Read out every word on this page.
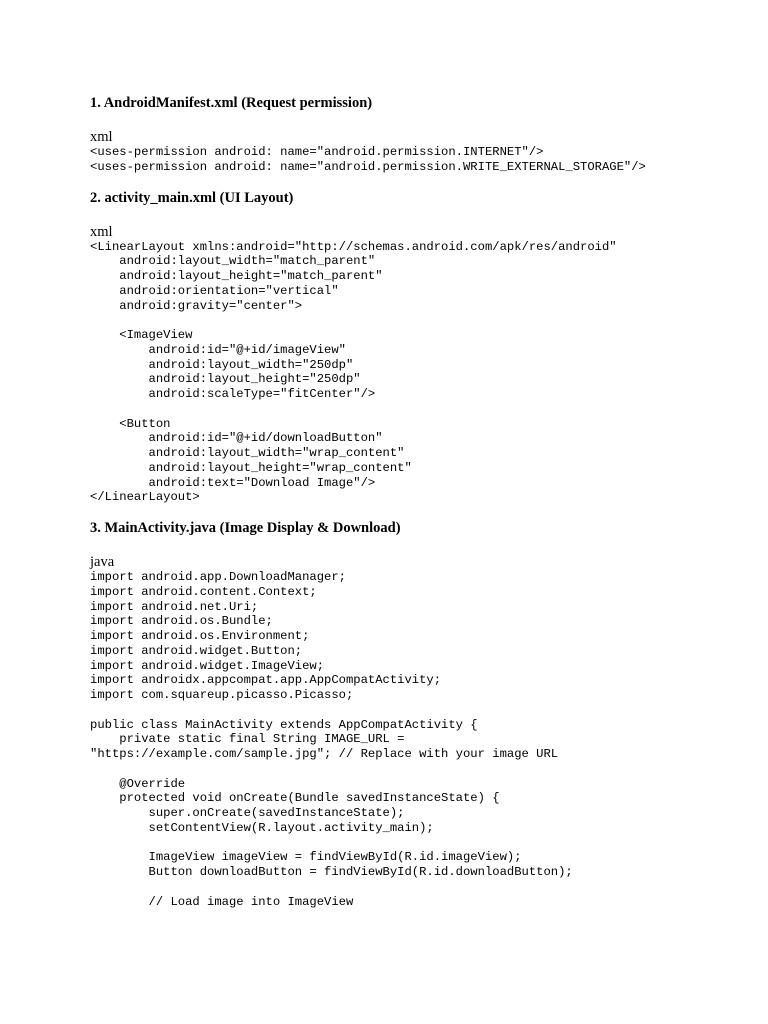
1. AndroidManifest.xml (Request permission)
xml
<uses-permission android: name="android.permission.INTERNET"/>
<uses-permission android: name="android.permission.WRITE_EXTERNAL_STORAGE"/>
2. activity_main.xml (UI Layout)
xml
<LinearLayout xmlns:android="http://schemas.android.com/apk/res/android"
android:layout_width="match_parent"
android:layout_height="match_parent"
android:orientation="vertical"
android:gravity="center">

<ImageView
android:id="@+id/imageView"
android:layout_width="250dp"
android:layout_height="250dp"
android:scaleType="fitCenter"/>

<Button
android:id="@+id/downloadButton"
android:layout_width="wrap_content"
android:layout_height="wrap_content"
android:text="Download Image"/>
</LinearLayout>
3. MainActivity.java (Image Display & Download)
java
import android.app.DownloadManager;
import android.content.Context;
import android.net.Uri;
import android.os.Bundle;
import android.os.Environment;
import android.widget.Button;
import android.widget.ImageView;
import androidx.appcompat.app.AppCompatActivity;
import com.squareup.picasso.Picasso;

public class MainActivity extends AppCompatActivity {
private static final String IMAGE_URL =
"https://example.com/sample.jpg"; // Replace with your image URL

@Override
protected void onCreate(Bundle savedInstanceState) {
super.onCreate(savedInstanceState);
setContentView(R.layout.activity_main);

ImageView imageView = findViewById(R.id.imageView);
Button downloadButton = findViewById(R.id.downloadButton);

// Load image into ImageView
